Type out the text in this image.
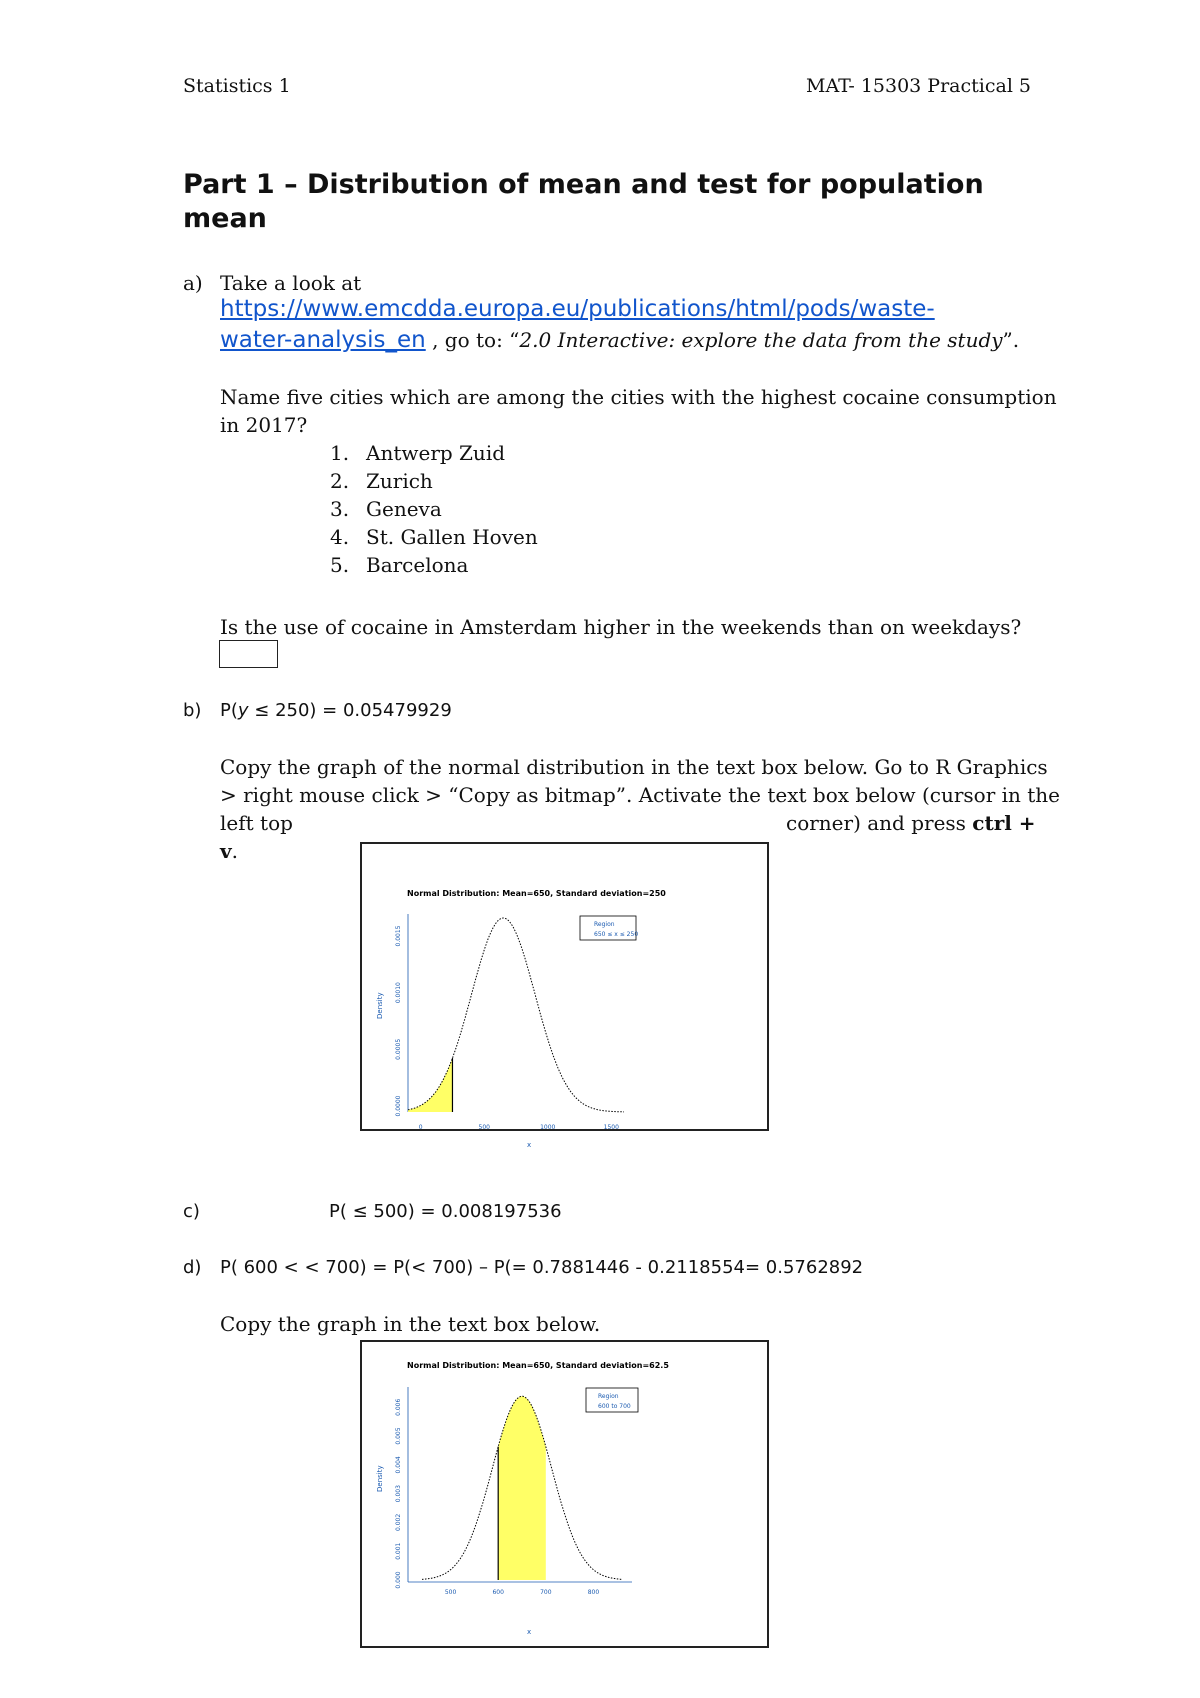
Statistics 1	MAT- 15303 Practical 5
Part 1 – Distribution of mean and test for population mean
a) Take a look at
https://www.emcdda.europa.eu/publications/html/pods/waste-
water-analysis_en , go to: “2.0 Interactive: explore the data from the study”.
Name five cities which are among the cities with the highest cocaine consumption
in 2017?
1. Antwerp Zuid
2. Zurich
3. Geneva
4. St. Gallen Hoven
5. Barcelona
Is the use of cocaine in Amsterdam higher in the weekends than on weekdays?
b) P(y ≤ 250) = 0.05479929
Copy the graph of the normal distribution in the text box below. Go to R Graphics
> right mouse click > “Copy as bitmap”. Activate the text box below (cursor in the
left top	corner) and press ctrl +
v.
Normal Distribution: Mean=650, Standard deviation=250
0.0000
0.0005
0.0010
0.0015
0	500	1000	1500
Density
x
Region
650 ≤ x ≤ 250
c)	P( ≤ 500) = 0.008197536
d) P( 600 < < 700) = P(< 700) – P(= 0.7881446 - 0.2118554= 0.5762892
Copy the graph in the text box below.
Normal Distribution: Mean=650, Standard deviation=62.5
0.000
0.001
0.002
0.003
0.004
0.005
0.006
500	600	700	800
Density
x
Region
600 to 700
